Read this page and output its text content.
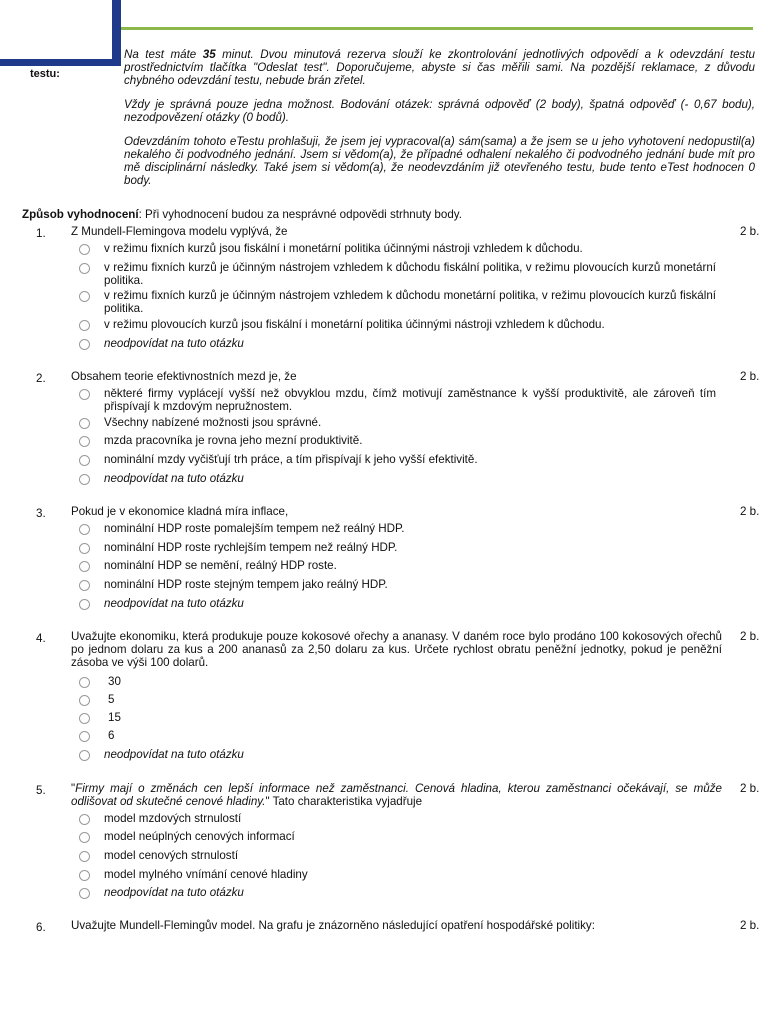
testu:

Na test máte 35 minut. Dvou minutová rezerva slouží ke zkontrolování jednotlivých odpovědí a k odevzdání testu prostřednictvím tlačítka "Odeslat test". Doporučujeme, abyste si čas měřili sami. Na pozdější reklamace, z důvodu chybného odevzdání testu, nebude brán zřetel.

Vždy je správná pouze jedna možnost. Bodování otázek: správná odpověď (2 body), špatná odpověď (- 0,67 bodu), nezodpovězení otázky (0 bodů).

Odevzdáním tohoto eTestu prohlašuji, že jsem jej vypracoval(a) sám(sama) a že jsem se u jeho vyhotovení nedopustil(a) nekalého či podvodného jednání. Jsem si vědom(a), že případné odhalení nekalého či podvodného jednání bude mít pro mě disciplinární následky. Také jsem si vědom(a), že neodevzdáním již otevřeného testu, bude tento eTest hodnocen 0 body.

Způsob vyhodnocení: Při vyhodnocení budou za nesprávné odpovědi strhnuty body.
1. Z Mundell-Flemingova modelu vyplývá, že	2 b.
v režimu fixních kurzů jsou fiskální i monetární politika účinnými nástroji vzhledem k důchodu.
v režimu fixních kurzů je účinným nástrojem vzhledem k důchodu fiskální politika, v režimu plovoucích kurzů monetární politika.
v režimu fixních kurzů je účinným nástrojem vzhledem k důchodu monetární politika, v režimu plovoucích kurzů fiskální politika.
v režimu plovoucích kurzů jsou fiskální i monetární politika účinnými nástroji vzhledem k důchodu.
neodpovídat na tuto otázku
2. Obsahem teorie efektivnostních mezd je, že	2 b.
některé firmy vyplácejí vyšší než obvyklou mzdu, čímž motivují zaměstnance k vyšší produktivitě, ale zároveň tím přispívají k mzdovým nepružnostem.
Všechny nabízené možnosti jsou správné.
mzda pracovníka je rovna jeho mezní produktivitě.
nominální mzdy vyčišťují trh práce, a tím přispívají k jeho vyšší efektivitě.
neodpovídat na tuto otázku
3. Pokud je v ekonomice kladná míra inflace,	2 b.
nominální HDP roste pomalejším tempem než reálný HDP.
nominální HDP roste rychlejším tempem než reálný HDP.
nominální HDP se nemění, reálný HDP roste.
nominální HDP roste stejným tempem jako reálný HDP.
neodpovídat na tuto otázku
4. Uvažujte ekonomiku, která produkuje pouze kokosové ořechy a ananasy. V daném roce bylo prodáno 100 kokosových ořechů po jednom dolaru za kus a 200 ananasů za 2,50 dolaru za kus. Určete rychlost obratu peněžní jednotky, pokud je peněžní zásoba ve výši 100 dolarů.
2 b.
30
5
15
6
neodpovídat na tuto otázku
5. "Firmy mají o změnách cen lepší informace než zaměstnanci. Cenová hladina, kterou zaměstnanci očekávají, se může odlišovat od skutečné cenové hladiny." Tato charakteristika vyjadřuje
2 b.
model mzdových strnulostí
model neúplných cenových informací
model cenových strnulostí
model mylného vnímání cenové hladiny
neodpovídat na tuto otázku
6. Uvažujte Mundell-Flemingův model. Na grafu je znázorněno následující opatření hospodářské politiky:	2 b.
